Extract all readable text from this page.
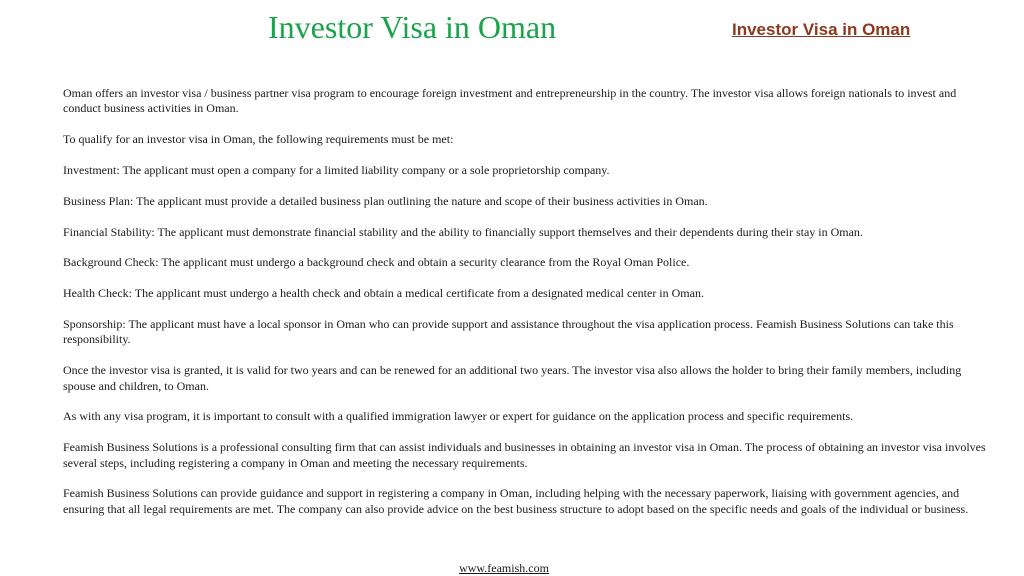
Investor Visa in Oman	Investor Visa in Oman

Oman offers an investor visa / business partner visa program to encourage foreign investment and entrepreneurship in the country. The investor visa allows foreign nationals to invest and conduct business activities in Oman.

To qualify for an investor visa in Oman, the following requirements must be met:

Investment: The applicant must open a company for a limited liability company or a sole proprietorship company.

Business Plan: The applicant must provide a detailed business plan outlining the nature and scope of their business activities in Oman.

Financial Stability: The applicant must demonstrate financial stability and the ability to financially support themselves and their dependents during their stay in Oman.

Background Check: The applicant must undergo a background check and obtain a security clearance from the Royal Oman Police.

Health Check: The applicant must undergo a health check and obtain a medical certificate from a designated medical center in Oman.

Sponsorship: The applicant must have a local sponsor in Oman who can provide support and assistance throughout the visa application process. Feamish Business Solutions can take this responsibility.

Once the investor visa is granted, it is valid for two years and can be renewed for an additional two years. The investor visa also allows the holder to bring their family members, including spouse and children, to Oman.

As with any visa program, it is important to consult with a qualified immigration lawyer or expert for guidance on the application process and specific requirements.

Feamish Business Solutions is a professional consulting firm that can assist individuals and businesses in obtaining an investor visa in Oman. The process of obtaining an investor visa involves several steps, including registering a company in Oman and meeting the necessary requirements.

Feamish Business Solutions can provide guidance and support in registering a company in Oman, including helping with the necessary paperwork, liaising with government agencies, and ensuring that all legal requirements are met. The company can also provide advice on the best business structure to adopt based on the specific needs and goals of the individual or business.

www.feamish.com
